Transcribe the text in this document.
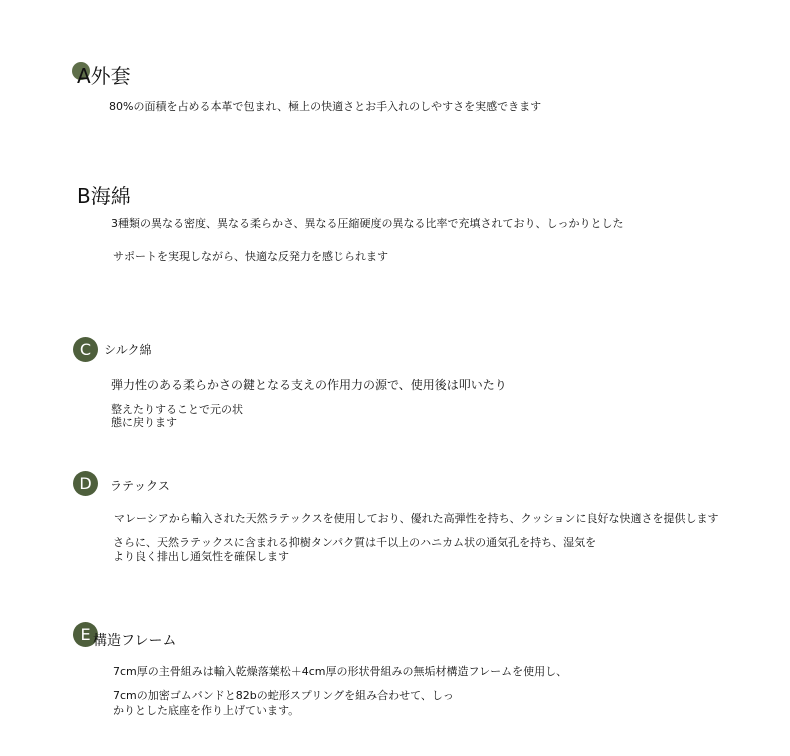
A外套
80%の面積を占める本革で包まれ、極上の快適さとお手入れのしやすさを実感できます
B海綿
3種類の異なる密度、異なる柔らかさ、異なる圧縮硬度の異なる比率で充填されており、しっかりとした
サポートを実現しながら、快適な反発力を感じられます
C	シルク綿
弾力性のある柔らかさの鍵となる支えの作用力の源で、使用後は叩いたり
整えたりすることで元の状
態に戻ります
D	ラテックス
マレーシアから輸入された天然ラテックスを使用しており、優れた高弾性を持ち、クッションに良好な快適さを提供します
さらに、天然ラテックスに含まれる抑樹タンパク質は千以上のハニカム状の通気孔を持ち、湿気を
より良く排出し通気性を確保します
E 構造フレーム
7cm厚の主骨組みは輸入乾燥落葉松＋4cm厚の形状骨組みの無垢材構造フレームを使用し、
7cmの加密ゴムバンドと82bの蛇形スプリングを組み合わせて、しっ
かりとした底座を作り上げています。
